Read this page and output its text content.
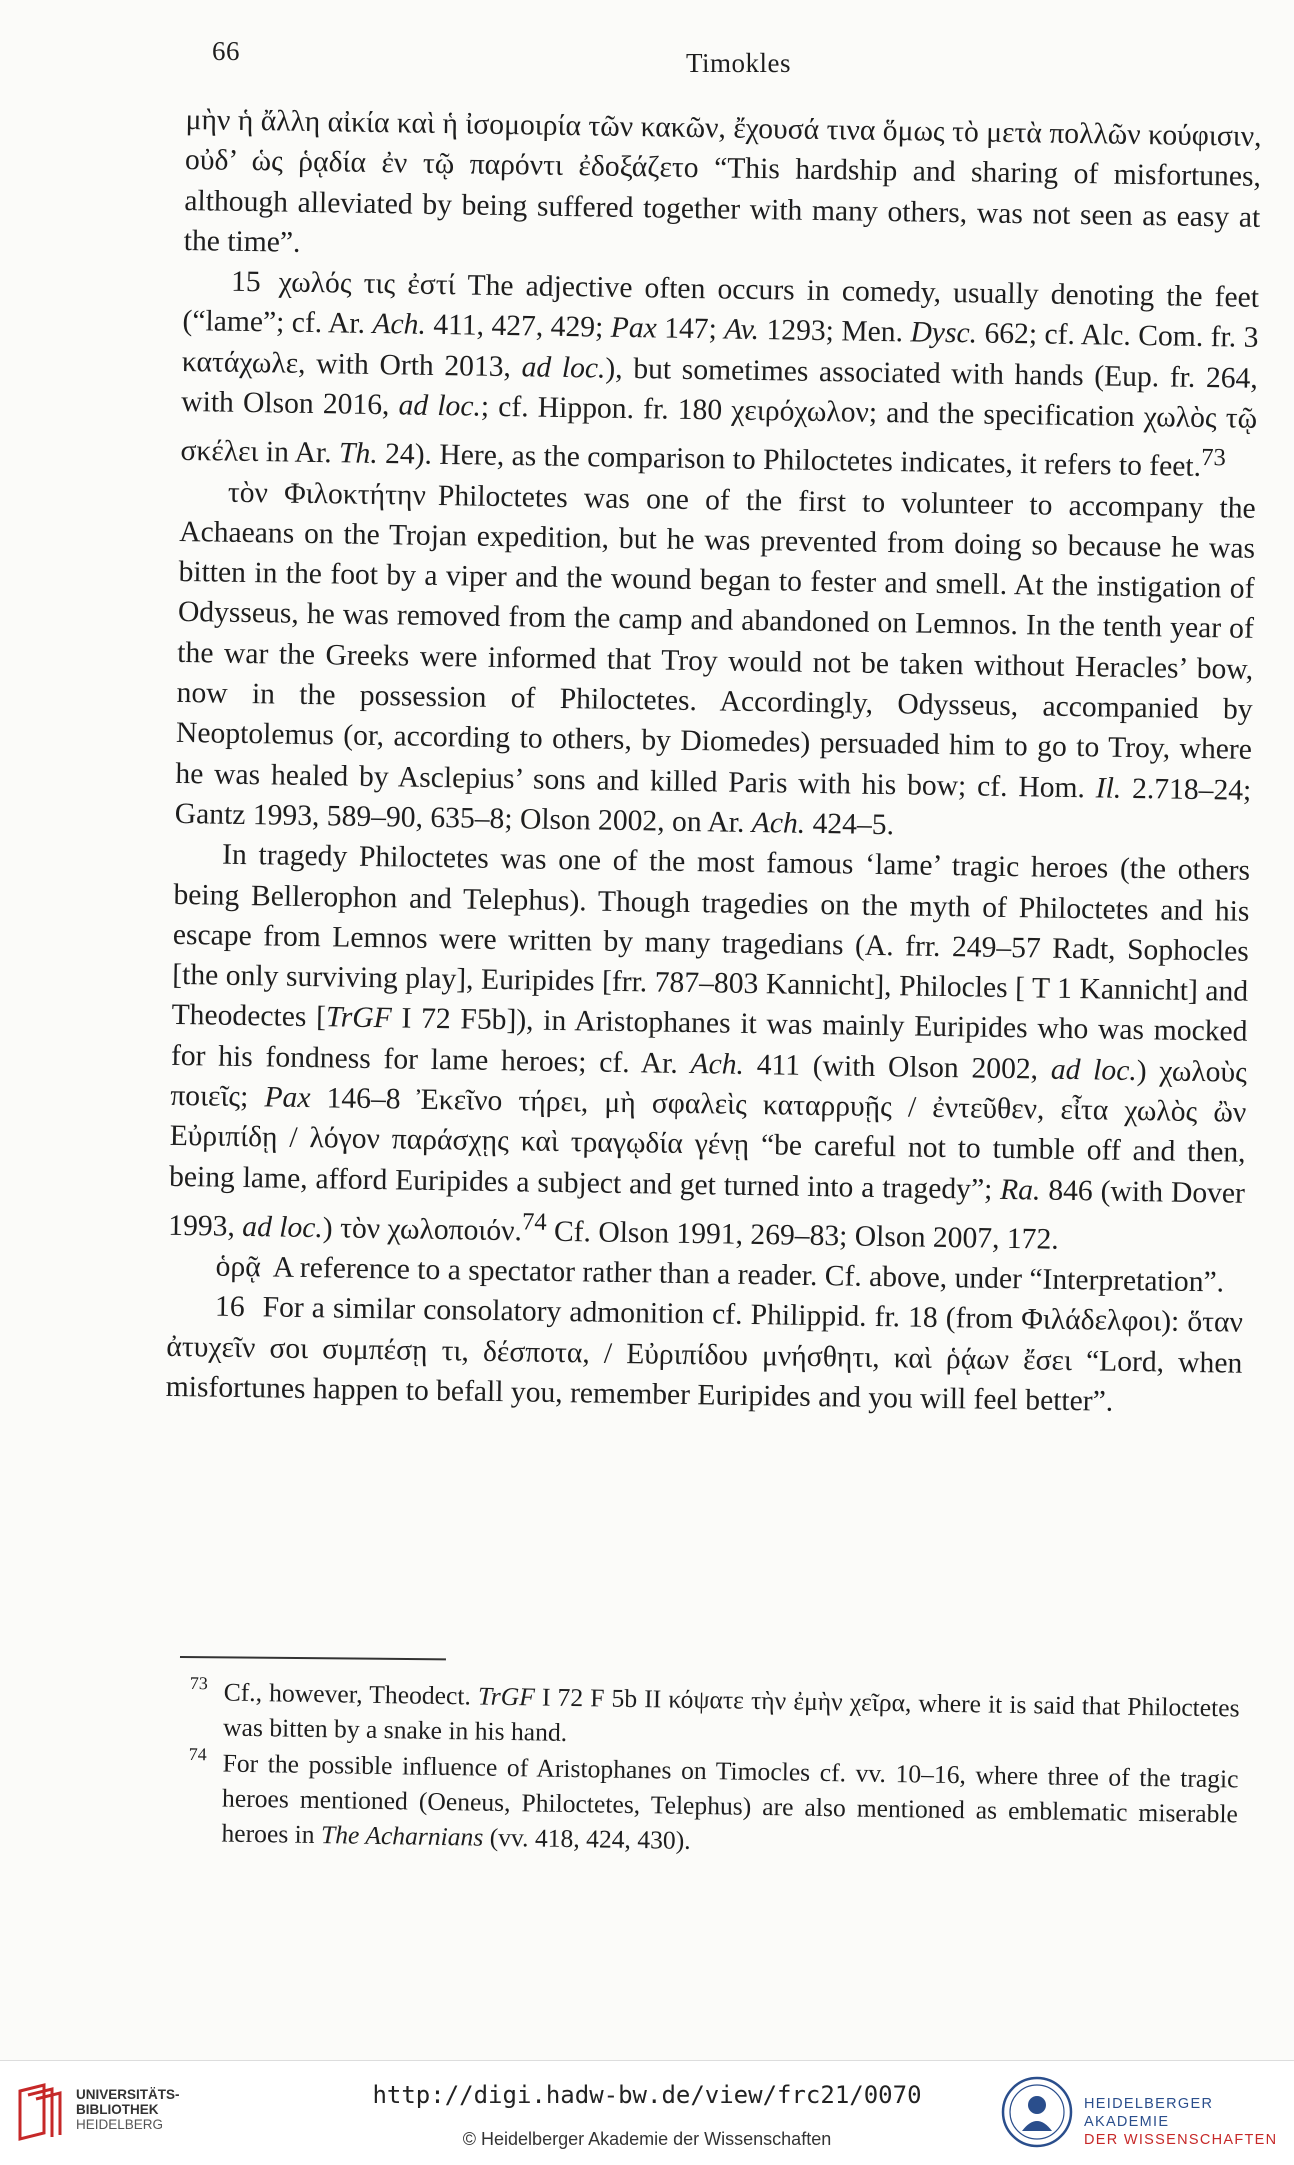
66	Timokles

μὴν ἡ ἄλλη αἰκία καὶ ἡ ἰσομοιρία τῶν κακῶν, ἔχουσά τινα ὅμως τὸ μετὰ πολλῶν κούφισιν, οὐδ’ ὡς ῥᾳδία ἐν τῷ παρόντι ἐδοξάζετο “This hardship and sharing of misfortunes, although alleviated by being suffered together with many others, was not seen as easy at the time”.

15 χωλός τις ἐστί The adjective often occurs in comedy, usually denoting the feet (“lame”; cf. Ar. Ach. 411, 427, 429; Pax 147; Av. 1293; Men. Dysc. 662; cf. Alc. Com. fr. 3 κατάχωλε, with Orth 2013, ad loc.), but sometimes associated with hands (Eup. fr. 264, with Olson 2016, ad loc.; cf. Hippon. fr. 180 χειρόχωλον; and the specification χωλὸς τῷ σκέλει in Ar. Th. 24). Here, as the comparison to Philoctetes indicates, it refers to feet.$^{73}$

τὸν Φιλοκτήτην Philoctetes was one of the first to volunteer to accompany the Achaeans on the Trojan expedition, but he was prevented from doing so because he was bitten in the foot by a viper and the wound began to fester and smell. At the instigation of Odysseus, he was removed from the camp and abandoned on Lemnos. In the tenth year of the war the Greeks were informed that Troy would not be taken without Heracles’ bow, now in the possession of Philoctetes. Accordingly, Odysseus, accompanied by Neoptolemus (or, according to others, by Diomedes) persuaded him to go to Troy, where he was healed by Asclepius’ sons and killed Paris with his bow; cf. Hom. Il. 2.718–24; Gantz 1993, 589–90, 635–8; Olson 2002, on Ar. Ach. 424–5.

In tragedy Philoctetes was one of the most famous ‘lame’ tragic heroes (the others being Bellerophon and Telephus). Though tragedies on the myth of Philoctetes and his escape from Lemnos were written by many tragedians (A. frr. 249–57 Radt, Sophocles [the only surviving play], Euripides [frr. 787–803 Kannicht], Philocles [ T 1 Kannicht] and Theodectes [TrGF I 72 F5b]), in Aristophanes it was mainly Euripides who was mocked for his fondness for lame heroes; cf. Ar. Ach. 411 (with Olson 2002, ad loc.) χωλοὺς ποιεῖς; Pax 146–8 Ἐκεῖνο τήρει, μὴ σφαλεὶς καταρρυῇς / ἐντεῦθεν, εἶτα χωλὸς ὢν Εὐριπίδῃ / λόγον παράσχῃς καὶ τραγῳδία γένῃ “be careful not to tumble off and then, being lame, afford Euripides a subject and get turned into a tragedy”; Ra. 846 (with Dover 1993, ad loc.) τὸν χωλοποιόν.$^{74}$ Cf. Olson 1991, 269–83; Olson 2007, 172.

ὁρᾷ A reference to a spectator rather than a reader. Cf. above, under “Interpretation”.

16 For a similar consolatory admonition cf. Philippid. fr. 18 (from Φιλάδελφοι): ὅταν ἀτυχεῖν σοι συμπέσῃ τι, δέσποτα, / Εὐριπίδου μνήσθητι, καὶ ῥᾴων ἔσει “Lord, when misfortunes happen to befall you, remember Euripides and you will feel better”.

73 Cf., however, Theodect. TrGF I 72 F 5b II κόψατε τὴν ἐμὴν χεῖρα, where it is said that Philoctetes was bitten by a snake in his hand.

74 For the possible influence of Aristophanes on Timocles cf. vv. 10–16, where three of the tragic heroes mentioned (Oeneus, Philoctetes, Telephus) are also mentioned as emblematic miserable heroes in The Acharnians (vv. 418, 424, 430).

UNIVERSITÄTS-
BIBLIOTHEK
HEIDELBERG
http://digi.hadw-bw.de/view/frc21/0070
© Heidelberger Akademie der Wissenschaften
HEIDELBERGER AKADEMIE
DER WISSENSCHAFTEN
